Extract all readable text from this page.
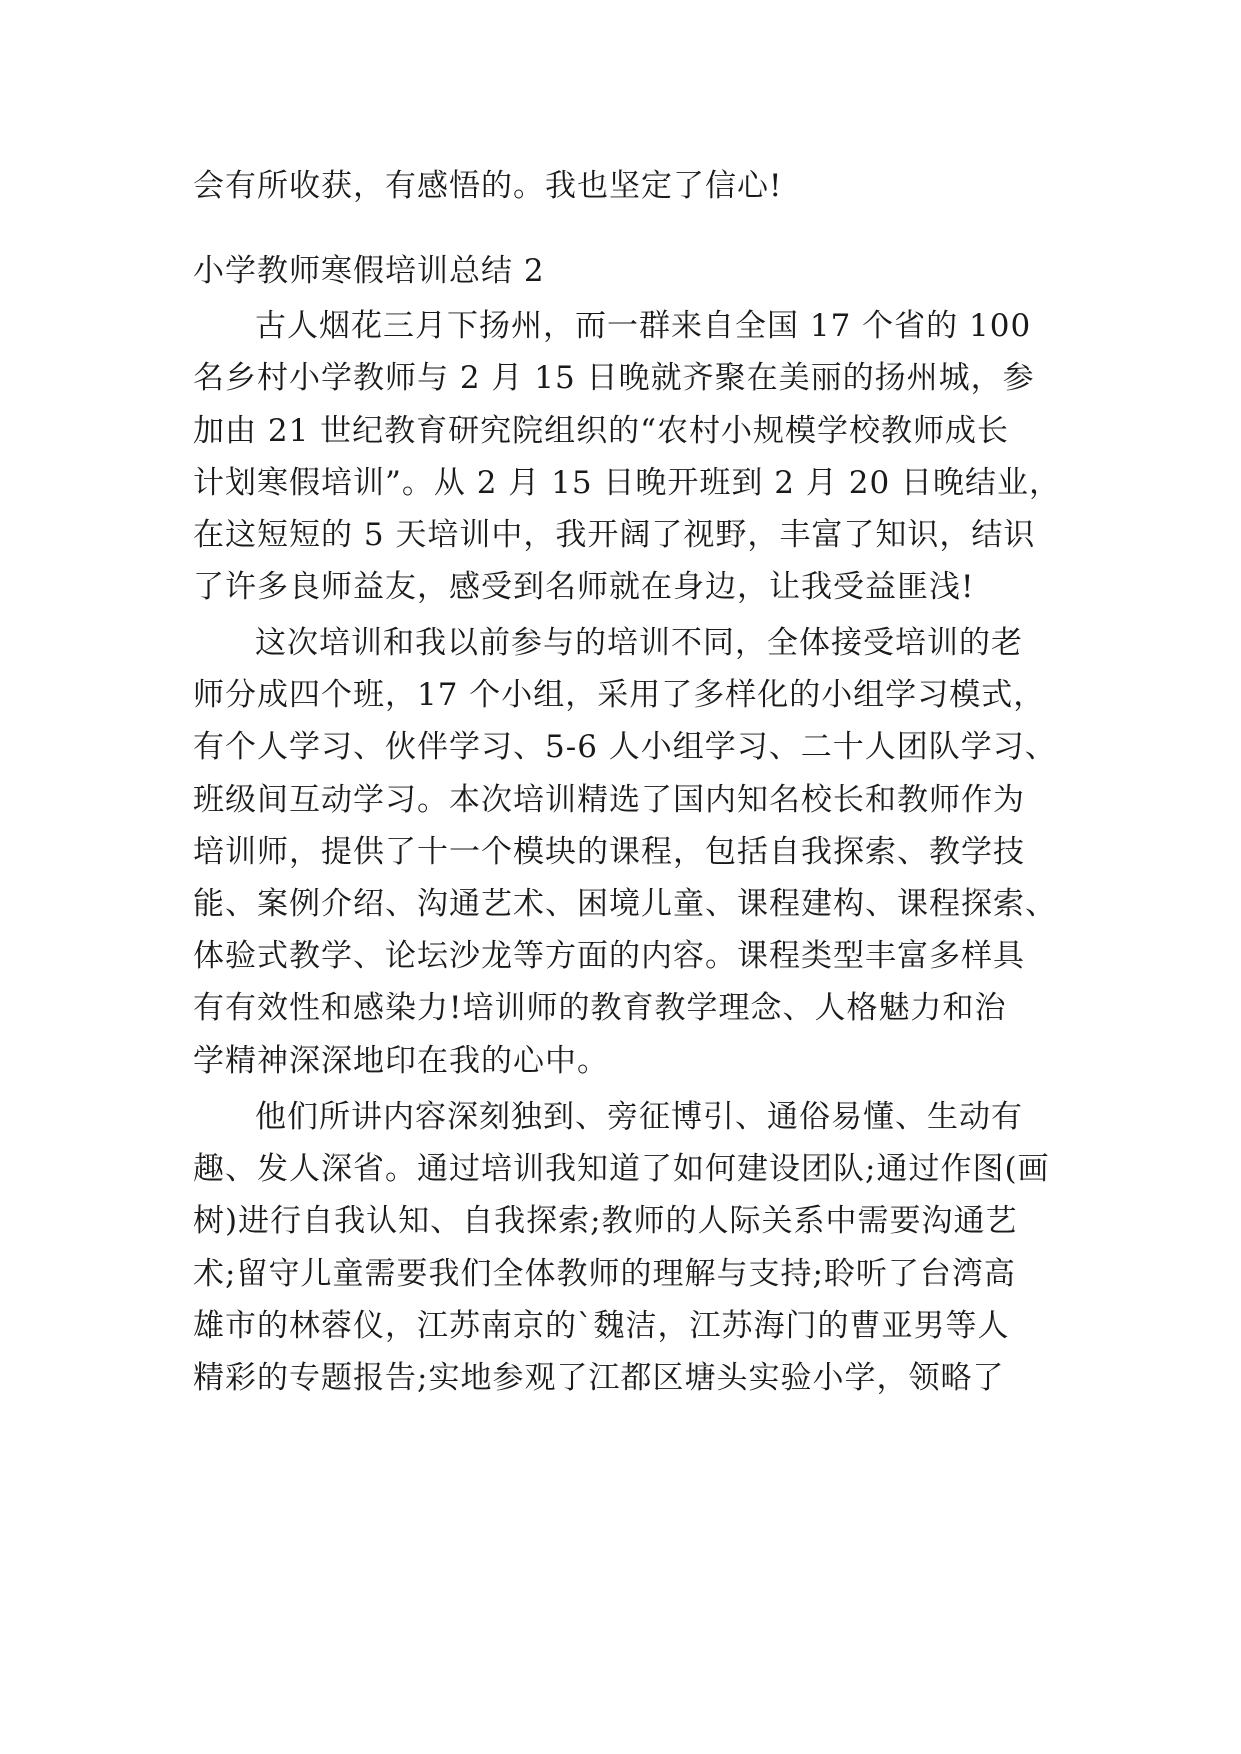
会有所收获，有感悟的。我也坚定了信心!
小学教师寒假培训总结 2
古人烟花三月下扬州，而一群来自全国 17 个省的 100
名乡村小学教师与 2 月 15 日晚就齐聚在美丽的扬州城，参
加由 21 世纪教育研究院组织的“农村小规模学校教师成长
计划寒假培训”。从 2 月 15 日晚开班到 2 月 20 日晚结业，
在这短短的 5 天培训中，我开阔了视野，丰富了知识，结识
了许多良师益友，感受到名师就在身边，让我受益匪浅!
这次培训和我以前参与的培训不同，全体接受培训的老
师分成四个班，17 个小组，采用了多样化的小组学习模式，
有个人学习、伙伴学习、5-6 人小组学习、二十人团队学习、
班级间互动学习。本次培训精选了国内知名校长和教师作为
培训师，提供了十一个模块的课程，包括自我探索、教学技
能、案例介绍、沟通艺术、困境儿童、课程建构、课程探索、
体验式教学、论坛沙龙等方面的内容。课程类型丰富多样具
有有效性和感染力!培训师的教育教学理念、人格魅力和治
学精神深深地印在我的心中。
他们所讲内容深刻独到、旁征博引、通俗易懂、生动有
趣、发人深省。通过培训我知道了如何建设团队;通过作图(画
树)进行自我认知、自我探索;教师的人际关系中需要沟通艺
术;留守儿童需要我们全体教师的理解与支持;聆听了台湾高
雄市的林蓉仪，江苏南京的`魏洁，江苏海门的曹亚男等人
精彩的专题报告;实地参观了江都区塘头实验小学，领略了
